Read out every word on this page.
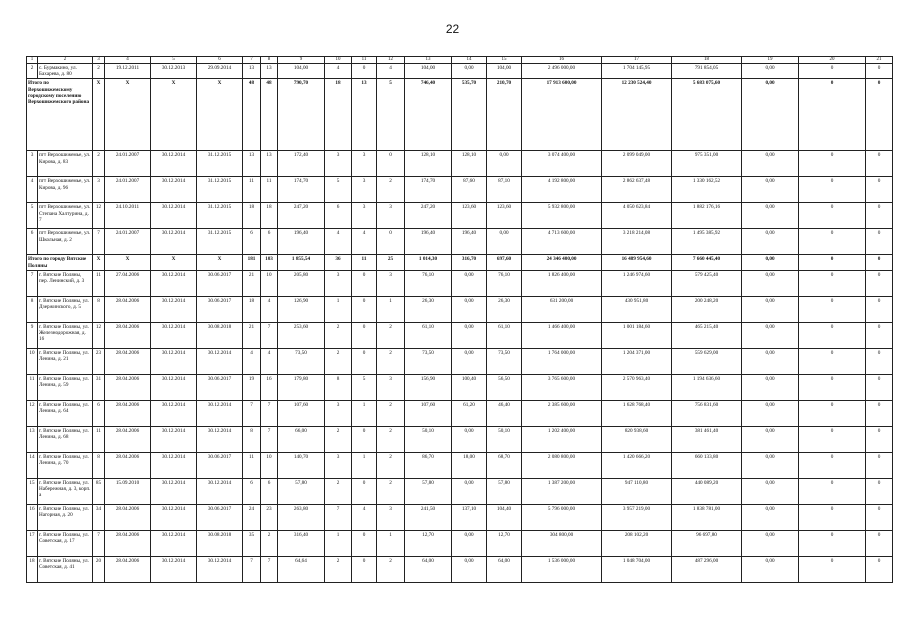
22
1	2	3	4	5	6	7	8	9	10	11	12	13	14	15	16	17	18	19	20	21
2	с. Бурмакино, ул. Бахарева, д. 80	2	19.12.2011	30.12.2013	29.09.2014	13	13	104,00	4	0	4	104,00	0,00	104,00	2 496 000,00	1 704 145,95	791 854,05	0,00	0	0
Итого по Верхошижемскому городскому поселению Верхошижемского района		X	X	X	X	48	48	790,70	18	13	5	746,40	535,70	210,70	17 913 600,00	12 230 524,40	5 683 075,60	0,00	0	0
3	пгт Верхошижемье, ул. Кирова, д. 83	2	24.01.2007	30.12.2014	31.12.2015	13	13	172,40	3	3	0	128,10	128,10	0,00	3 074 400,00	2 099 049,00	975 351,00	0,00	0	0
4	пгт Верхошижемье, ул. Кирова, д. 96	3	24.01.2007	30.12.2014	31.12.2015	11	11	174,70	5	3	2	174,70	87,60	87,10	4 192 800,00	2 862 637,48	1 330 162,52	0,00	0	0
5	пгт Верхошижемье, ул. Степана Халтурина, д. 7	12	24.10.2011	30.12.2014	31.12.2015	18	18	247,20	6	3	3	247,20	123,60	123,60	5 932 800,00	4 050 623,84	1 882 176,16	0,00	0	0
6	пгт Верхошижемье, ул. Школьная, д. 2	7	24.01.2007	30.12.2014	31.12.2015	6	6	196,40	4	4	0	196,40	196,40	0,00	4 713 600,00	3 218 214,08	1 495 385,92	0,00	0	0
Итого по городу Вятские Поляны		X	X	X	X	181	103	1 855,54	36	11	25	1 014,30	316,70	697,60	24 346 400,00	16 489 954,60	7 660 445,40	0,00	0	0
7	г. Вятские Поляны, пер. Ленинский, д. 3	11	27.04.2006	30.12.2014	30.06.2017	21	10	205,80	3	0	3	76,10	0,00	76,10	1 826 400,00	1 246 974,60	579 425,40	0,00	0	0
8	г. Вятские Поляны, ул. Дзержинского, д. 5	8	28.04.2006	30.12.2014	30.06.2017	18	4	126,90	1	0	1	26,30	0,00	26,30	631 200,00	430 951,80	200 248,20	0,00	0	0
9	г. Вятские Поляны, ул. Железнодорожная, д. 16	12	28.04.2006	30.12.2014	30.08.2018	21	7	253,60	2	0	2	61,10	0,00	61,10	1 466 400,00	1 001 184,60	465 215,40	0,00	0	0
10	г. Вятские Поляны, ул. Ленина, д. 21	23	28.04.2006	30.12.2014	30.12.2014	4	4	73,50	2	0	2	73,50	0,00	73,50	1 764 000,00	1 204 371,00	559 629,00	0,00	0	0
11	г. Вятские Поляны, ул. Ленина, д. 59	31	28.04.2006	30.12.2014	30.06.2017	19	16	179,80	8	5	3	156,90	100,40	56,50	3 765 600,00	2 570 963,40	1 194 636,60	0,00	0	0
12	г. Вятские Поляны, ул. Ленина, д. 64	6	28.04.2006	30.12.2014	30.12.2014	7	7	107,60	3	1	2	107,60	61,20	46,40	2 385 600,00	1 628 768,40	756 831,60	0,00	0	0
13	г. Вятские Поляны, ул. Ленина, д. 68	11	28.04.2006	30.12.2014	30.12.2014	8	7	66,00	2	0	2	50,10	0,00	50,10	1 202 400,00	820 938,60	381 461,40	0,00	0	0
14	г. Вятские Поляны, ул. Ленина, д. 70	8	28.04.2006	30.12.2014	30.06.2017	11	10	140,70	3	1	2	86,70	18,00	68,70	2 080 800,00	1 420 666,20	660 133,80	0,00	0	0
15	г. Вятские Поляны, ул. Набережная, д. 3, корп. а	85	15.09.2010	30.12.2014	30.12.2014	6	6	57,80	2	0	2	57,80	0,00	57,80	1 387 200,00	947 110,80	440 089,20	0,00	0	0
16	г. Вятские Поляны, ул. Нагорная, д. 20	34	28.04.2006	30.12.2014	30.06.2017	24	23	263,80	7	4	3	241,50	137,10	104,40	5 796 000,00	3 957 219,00	1 838 781,00	0,00	0	0
17	г. Вятские Поляны, ул. Советская, д. 17	7	28.04.2006	30.12.2014	30.08.2018	35	2	316,40	1	0	1	12,70	0,00	12,70	304 800,00	208 102,20	96 697,80	0,00	0	0
18	г. Вятские Поляны, ул. Советская, д. 41	20	28.04.2006	30.12.2014	30.12.2014	7	7	64,64	2	0	2	64,00	0,00	64,00	1 536 000,00	1 048 704,00	487 296,00	0,00	0	0
